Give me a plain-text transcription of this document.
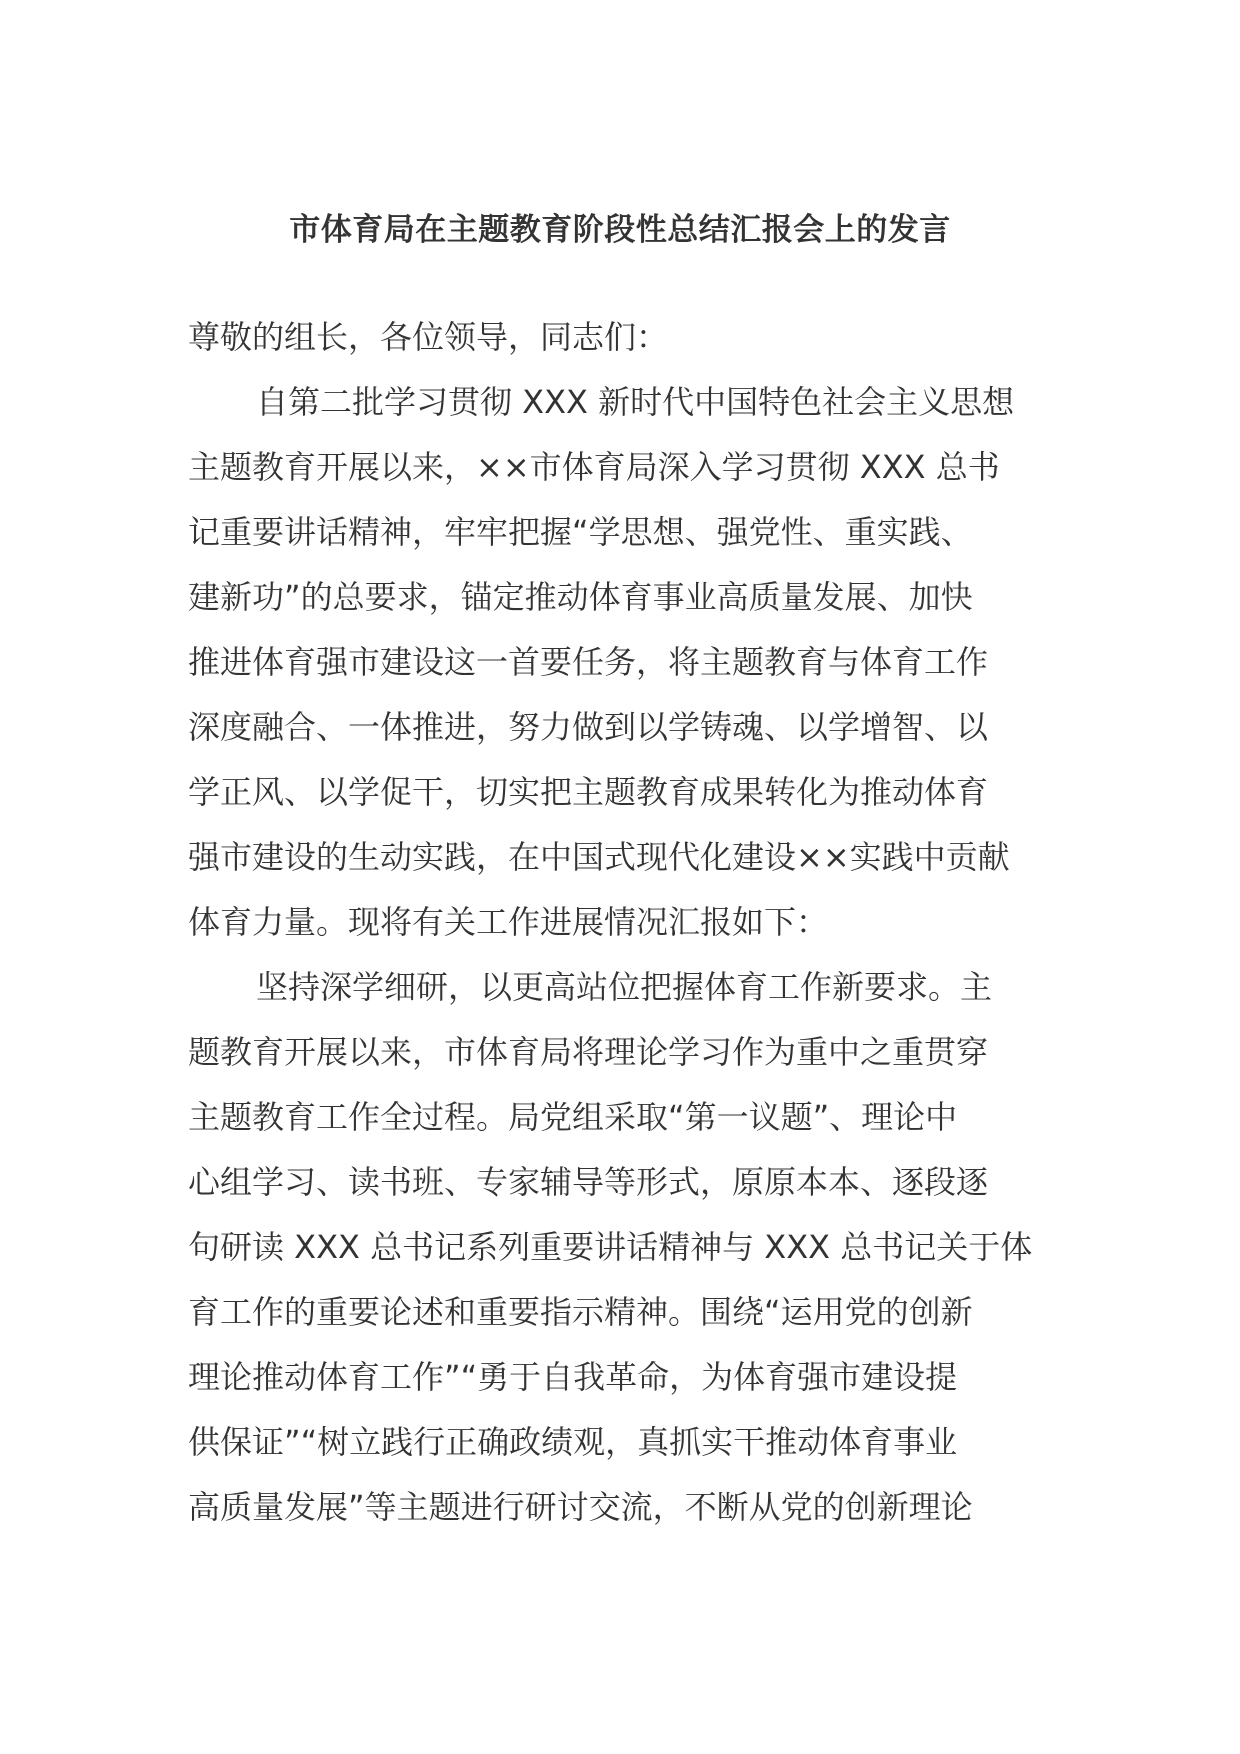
市体育局在主题教育阶段性总结汇报会上的发言
尊敬的组长，各位领导，同志们：
自第二批学习贯彻 XXX 新时代中国特色社会主义思想
主题教育开展以来，××市体育局深入学习贯彻 XXX 总书
记重要讲话精神，牢牢把握“学思想、强党性、重实践、
建新功”的总要求，锚定推动体育事业高质量发展、加快
推进体育强市建设这一首要任务，将主题教育与体育工作
深度融合、一体推进，努力做到以学铸魂、以学增智、以
学正风、以学促干，切实把主题教育成果转化为推动体育
强市建设的生动实践，在中国式现代化建设××实践中贡献
体育力量。现将有关工作进展情况汇报如下：
坚持深学细研，以更高站位把握体育工作新要求。主
题教育开展以来，市体育局将理论学习作为重中之重贯穿
主题教育工作全过程。局党组采取“第一议题”、理论中
心组学习、读书班、专家辅导等形式，原原本本、逐段逐
句研读 XXX 总书记系列重要讲话精神与 XXX 总书记关于体
育工作的重要论述和重要指示精神。围绕“运用党的创新
理论推动体育工作”“勇于自我革命，为体育强市建设提
供保证”“树立践行正确政绩观，真抓实干推动体育事业
高质量发展”等主题进行研讨交流，不断从党的创新理论
